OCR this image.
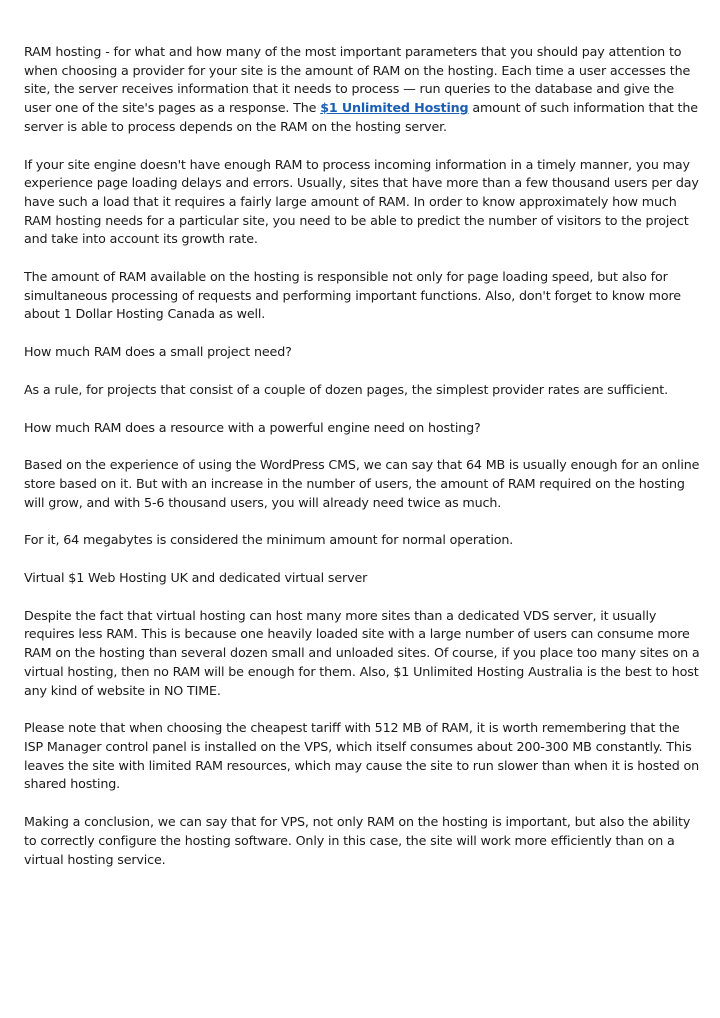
RAM hosting - for what and how many of the most important parameters that you should pay attention to when choosing a provider for your site is the amount of RAM on the hosting. Each time a user accesses the site, the server receives information that it needs to process — run queries to the database and give the user one of the site's pages as a response. The $1 Unlimited Hosting amount of such information that the server is able to process depends on the RAM on the hosting server.

If your site engine doesn't have enough RAM to process incoming information in a timely manner, you may experience page loading delays and errors. Usually, sites that have more than a few thousand users per day have such a load that it requires a fairly large amount of RAM. In order to know approximately how much RAM hosting needs for a particular site, you need to be able to predict the number of visitors to the project and take into account its growth rate.

The amount of RAM available on the hosting is responsible not only for page loading speed, but also for simultaneous processing of requests and performing important functions. Also, don't forget to know more about 1 Dollar Hosting Canada as well.

How much RAM does a small project need?

As a rule, for projects that consist of a couple of dozen pages, the simplest provider rates are sufficient.

How much RAM does a resource with a powerful engine need on hosting?

Based on the experience of using the WordPress CMS, we can say that 64 MB is usually enough for an online store based on it. But with an increase in the number of users, the amount of RAM required on the hosting will grow, and with 5-6 thousand users, you will already need twice as much.

For it, 64 megabytes is considered the minimum amount for normal operation.

Virtual $1 Web Hosting UK and dedicated virtual server

Despite the fact that virtual hosting can host many more sites than a dedicated VDS server, it usually requires less RAM. This is because one heavily loaded site with a large number of users can consume more RAM on the hosting than several dozen small and unloaded sites. Of course, if you place too many sites on a virtual hosting, then no RAM will be enough for them. Also, $1 Unlimited Hosting Australia is the best to host any kind of website in NO TIME.

Please note that when choosing the cheapest tariff with 512 MB of RAM, it is worth remembering that the ISP Manager control panel is installed on the VPS, which itself consumes about 200-300 MB constantly. This leaves the site with limited RAM resources, which may cause the site to run slower than when it is hosted on shared hosting.

Making a conclusion, we can say that for VPS, not only RAM on the hosting is important, but also the ability to correctly configure the hosting software. Only in this case, the site will work more efficiently than on a virtual hosting service.
